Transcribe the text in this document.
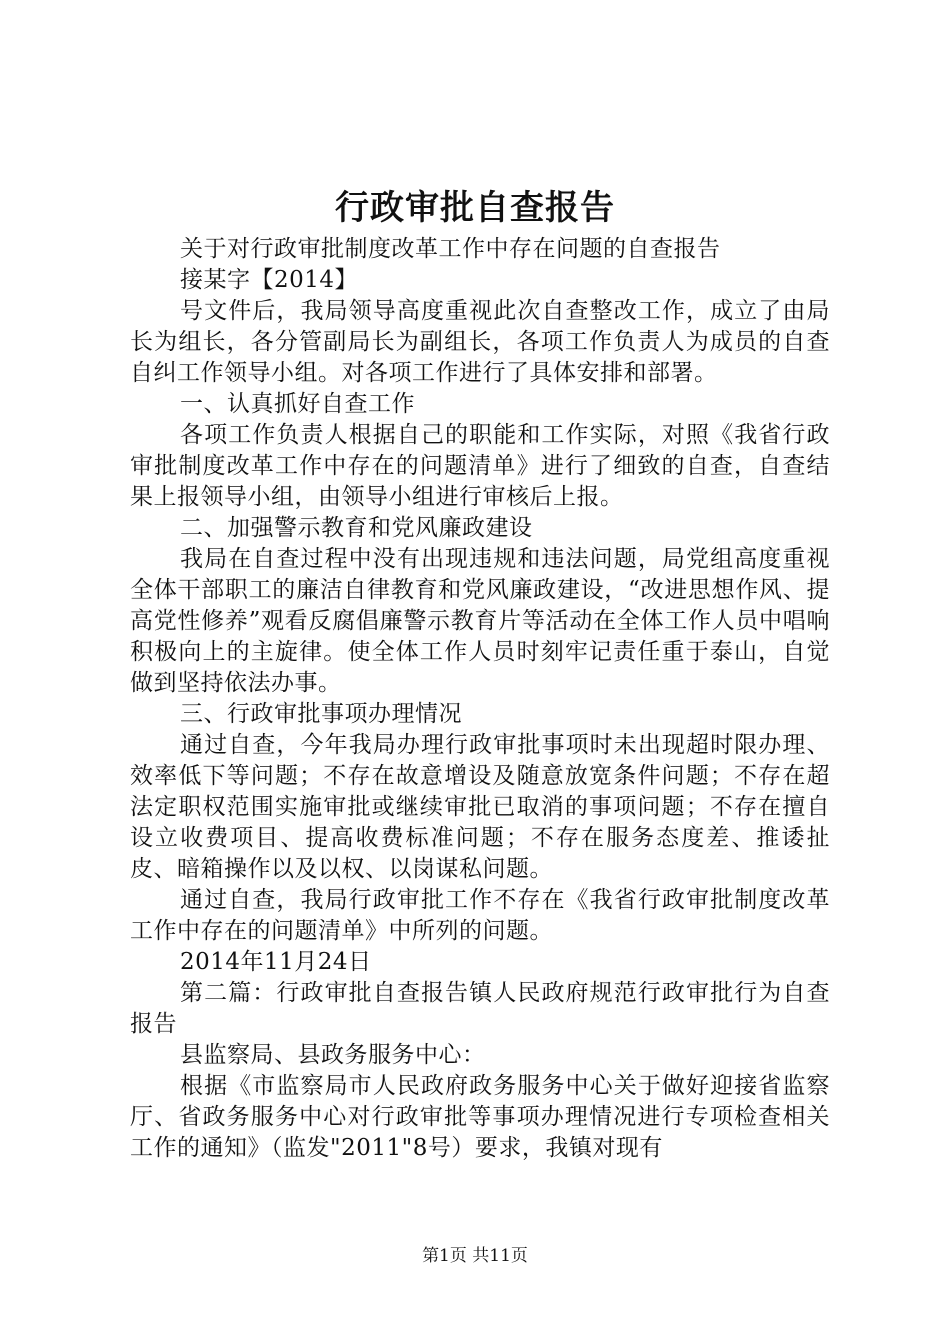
行政审批自查报告

关于对行政审批制度改革工作中存在问题的自查报告

接某字【2014】

号文件后，我局领导高度重视此次自查整改工作，成立了由局长为组长，各分管副局长为副组长，各项工作负责人为成员的自查自纠工作领导小组。对各项工作进行了具体安排和部署。

一、认真抓好自查工作

各项工作负责人根据自己的职能和工作实际，对照《我省行政审批制度改革工作中存在的问题清单》进行了细致的自查，自查结果上报领导小组，由领导小组进行审核后上报。

二、加强警示教育和党风廉政建设

我局在自查过程中没有出现违规和违法问题，局党组高度重视全体干部职工的廉洁自律教育和党风廉政建设，“改进思想作风、提高党性修养”观看反腐倡廉警示教育片等活动在全体工作人员中唱响积极向上的主旋律。使全体工作人员时刻牢记责任重于泰山，自觉做到坚持依法办事。

三、行政审批事项办理情况

通过自查，今年我局办理行政审批事项时未出现超时限办理、效率低下等问题；不存在故意增设及随意放宽条件问题；不存在超法定职权范围实施审批或继续审批已取消的事项问题；不存在擅自设立收费项目、提高收费标准问题；不存在服务态度差、推诿扯皮、暗箱操作以及以权、以岗谋私问题。

通过自查，我局行政审批工作不存在《我省行政审批制度改革工作中存在的问题清单》中所列的问题。

2014年11月24日

第二篇：行政审批自查报告镇人民政府规范行政审批行为自查报告

县监察局、县政务服务中心：

根据《市监察局市人民政府政务服务中心关于做好迎接省监察厅、省政务服务中心对行政审批等事项办理情况进行专项检查相关工作的通知》（监发"2011"8号）要求，我镇对现有

第1页 共11页
